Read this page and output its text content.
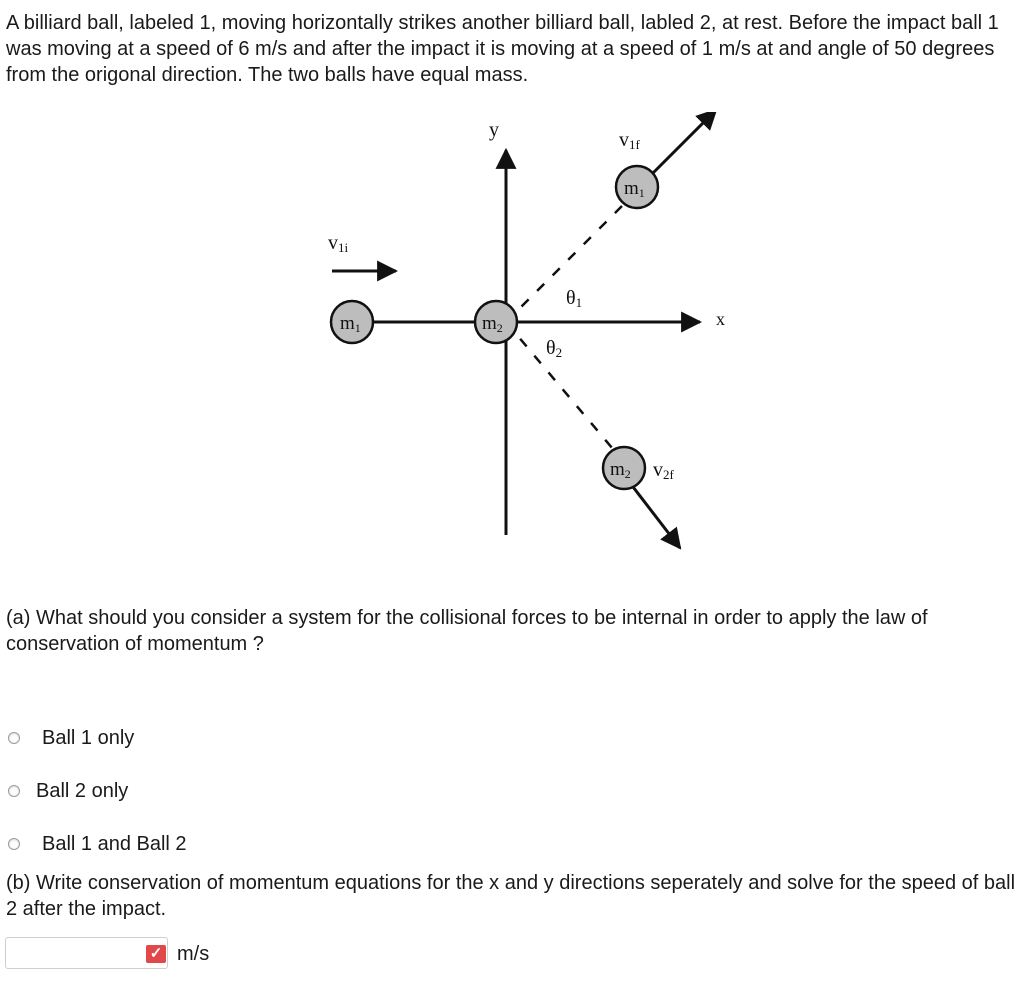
A billiard ball, labeled 1, moving horizontally strikes another billiard ball, labled 2, at rest. Before the impact ball 1 was moving at a speed of 6 m/s and after the impact it is moving at a speed of 1 m/s at and angle of 50 degrees from the origonal direction. The two balls have equal mass.

y
x
v1i
v1f
v2f
m1	m2
m1
m2
θ1
θ2

(a) What should you consider a system for the collisional forces to be internal in order to apply the law of conservation of momentum ?

Ball 1 only
Ball 2 only
Ball 1 and Ball 2

(b) Write conservation of momentum equations for the x and y directions seperately and solve for the speed of ball 2 after the impact.

✓ m/s
